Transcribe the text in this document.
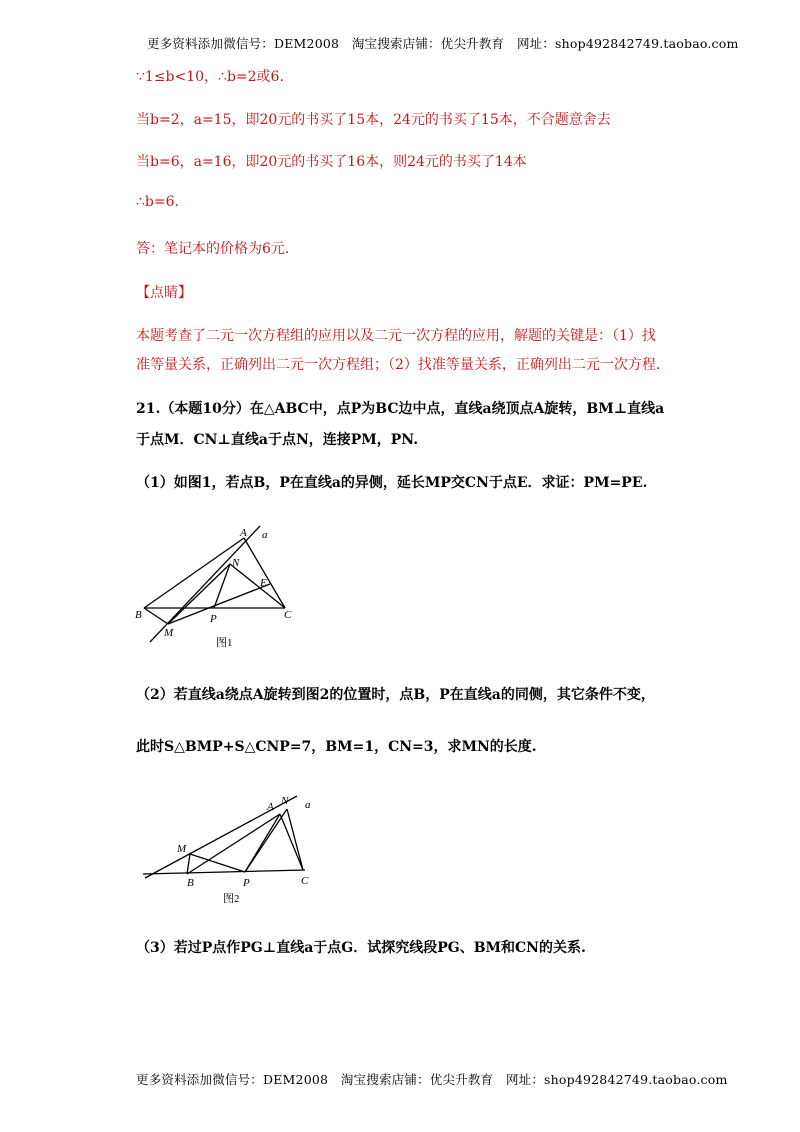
更多资料添加微信号：DEM2008　淘宝搜索店铺：优尖升教育　网址：shop492842749.taobao.com
∵1≤b<10，∴b=2或6.
当b=2，a=15，即20元的书买了15本，24元的书买了15本，不合题意舍去
当b=6，a=16，即20元的书买了16本，则24元的书买了14本
∴b=6.
答：笔记本的价格为6元.
【点睛】
本题考查了二元一次方程组的应用以及二元一次方程的应用，解题的关键是：（1）找
准等量关系，正确列出二元一次方程组；（2）找准等量关系，正确列出二元一次方程.
21.（本题10分）在△ABC中，点P为BC边中点，直线a绕顶点A旋转，BM⊥直线a
于点M．CN⊥直线a于点N，连接PM，PN.
（1）如图1，若点B，P在直线a的异侧，延长MP交CN于点E．求证：PM=PE.
A a
N
E
B	P	C
M
图1
（2）若直线a绕点A旋转到图2的位置时，点B，P在直线a的同侧，其它条件不变，
此时S△BMP+S△CNP=7，BM=1，CN=3，求MN的长度.
A N a
M
B	P	C
图2
（3）若过P点作PG⊥直线a于点G．试探究线段PG、BM和CN的关系.
更多资料添加微信号：DEM2008　淘宝搜索店铺：优尖升教育　网址：shop492842749.taobao.com
